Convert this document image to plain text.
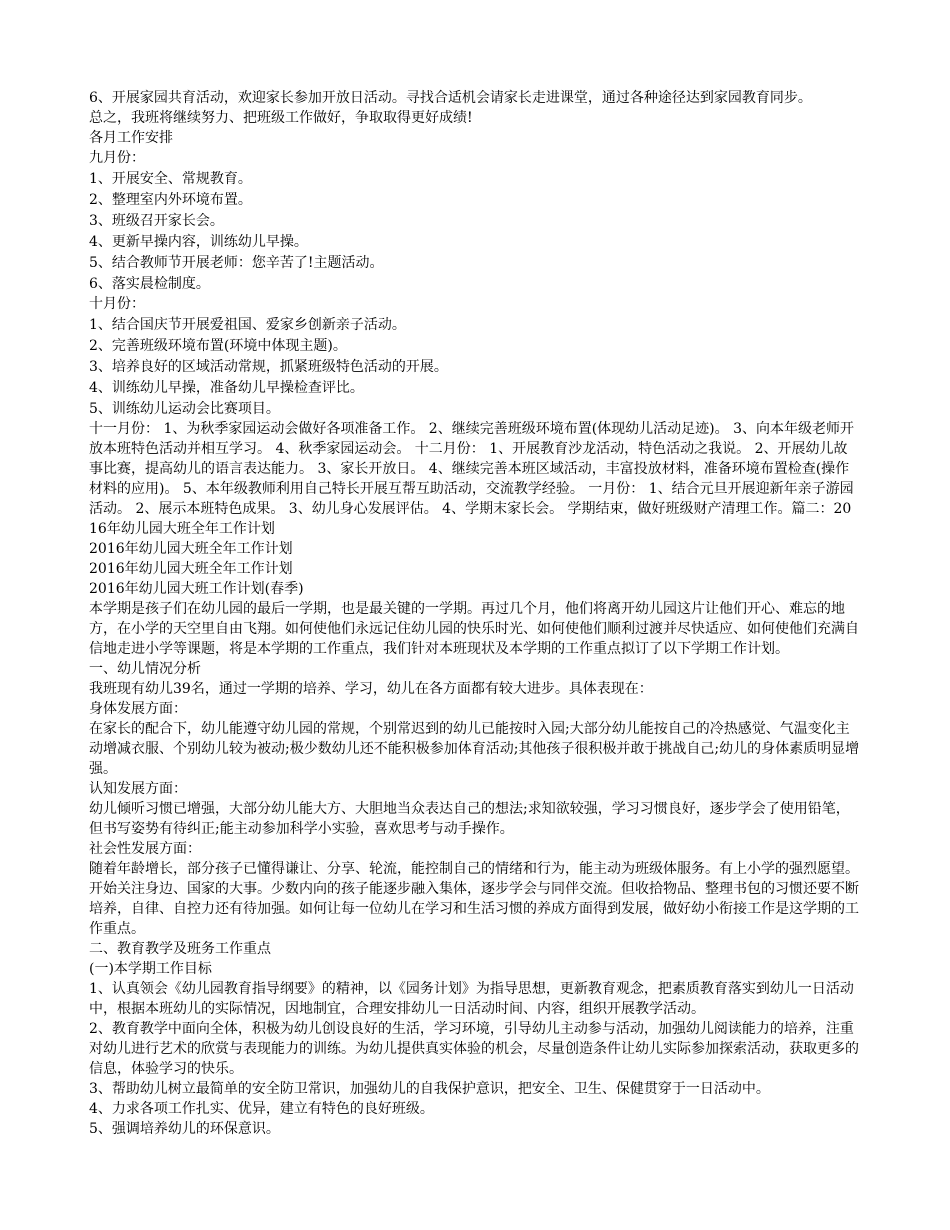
6、开展家园共育活动，欢迎家长参加开放日活动。寻找合适机会请家长走进课堂，通过各种途径达到家园教育同步。

总之，我班将继续努力、把班级工作做好，争取取得更好成绩!

各月工作安排

九月份：

1、开展安全、常规教育。

2、整理室内外环境布置。

3、班级召开家长会。

4、更新早操内容，训练幼儿早操。

5、结合教师节开展老师：您辛苦了!主题活动。

6、落实晨检制度。

十月份：

1、结合国庆节开展爱祖国、爱家乡创新亲子活动。

2、完善班级环境布置(环境中体现主题)。

3、培养良好的区域活动常规，抓紧班级特色活动的开展。

4、训练幼儿早操，准备幼儿早操检查评比。

5、训练幼儿运动会比赛项目。

十一月份： 1、为秋季家园运动会做好各项准备工作。 2、继续完善班级环境布置(体现幼儿活动足迹)。 3、向本年级老师开放本班特色活动并相互学习。 4、秋季家园运动会。 十二月份： 1、开展教育沙龙活动，特色活动之我说。 2、开展幼儿故事比赛，提高幼儿的语言表达能力。 3、家长开放日。 4、继续完善本班区域活动，丰富投放材料，准备环境布置检查(操作材料的应用)。 5、本年级教师利用自己特长开展互帮互助活动，交流教学经验。 一月份： 1、结合元旦开展迎新年亲子游园活动。 2、展示本班特色成果。 3、幼儿身心发展评估。 4、学期末家长会。 学期结束，做好班级财产清理工作。篇二：2016年幼儿园大班全年工作计划

2016年幼儿园大班全年工作计划

2016年幼儿园大班全年工作计划

2016年幼儿园大班工作计划(春季)

本学期是孩子们在幼儿园的最后一学期，也是最关键的一学期。再过几个月，他们将离开幼儿园这片让他们开心、难忘的地方，在小学的天空里自由飞翔。如何使他们永远记住幼儿园的快乐时光、如何使他们顺利过渡并尽快适应、如何使他们充满自信地走进小学等课题，将是本学期的工作重点，我们针对本班现状及本学期的工作重点拟订了以下学期工作计划。

一、幼儿情况分析

我班现有幼儿39名，通过一学期的培养、学习，幼儿在各方面都有较大进步。具体表现在：

身体发展方面：

在家长的配合下，幼儿能遵守幼儿园的常规，个别常迟到的幼儿已能按时入园;大部分幼儿能按自己的冷热感觉、气温变化主动增减衣服、个别幼儿较为被动;极少数幼儿还不能积极参加体育活动;其他孩子很积极并敢于挑战自己;幼儿的身体素质明显增强。

认知发展方面：

幼儿倾听习惯已增强，大部分幼儿能大方、大胆地当众表达自己的想法;求知欲较强，学习习惯良好，逐步学会了使用铅笔，但书写姿势有待纠正;能主动参加科学小实验，喜欢思考与动手操作。

社会性发展方面：

随着年龄增长，部分孩子已懂得谦让、分享、轮流，能控制自己的情绪和行为，能主动为班级体服务。有上小学的强烈愿望。开始关注身边、国家的大事。少数内向的孩子能逐步融入集体，逐步学会与同伴交流。但收拾物品、整理书包的习惯还要不断培养，自律、自控力还有待加强。如何让每一位幼儿在学习和生活习惯的养成方面得到发展，做好幼小衔接工作是这学期的工作重点。

二、教育教学及班务工作重点

(一)本学期工作目标

1、认真领会《幼儿园教育指导纲要》的精神，以《园务计划》为指导思想，更新教育观念，把素质教育落实到幼儿一日活动中，根据本班幼儿的实际情况，因地制宜，合理安排幼儿一日活动时间、内容，组织开展教学活动。

2、教育教学中面向全体，积极为幼儿创设良好的生活，学习环境，引导幼儿主动参与活动，加强幼儿阅读能力的培养，注重对幼儿进行艺术的欣赏与表现能力的训练。为幼儿提供真实体验的机会，尽量创造条件让幼儿实际参加探索活动，获取更多的信息，体验学习的快乐。

3、帮助幼儿树立最简单的安全防卫常识，加强幼儿的自我保护意识，把安全、卫生、保健贯穿于一日活动中。

4、力求各项工作扎实、优异，建立有特色的良好班级。

5、强调培养幼儿的环保意识。
